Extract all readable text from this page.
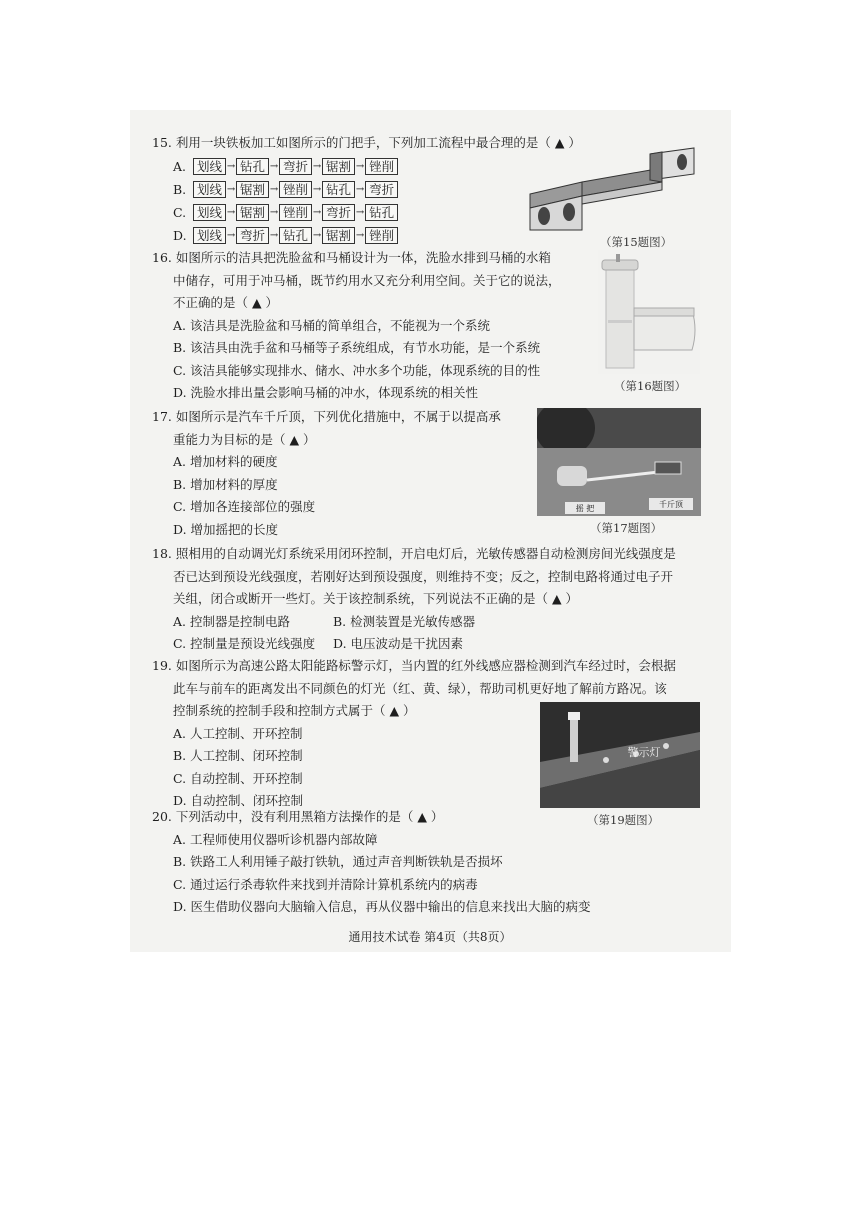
15. 利用一块铁板加工如图所示的门把手，下列加工流程中最合理的是（ ▲ ）
A. 划线 → 钻孔 → 弯折 → 锯割 → 锉削
B. 划线 → 锯割 → 锉削 → 钻孔 → 弯折
C. 划线 → 锯割 → 锉削 → 弯折 → 钻孔
D. 划线 → 弯折 → 钻孔 → 锯割 → 锉削	（第15题图）

16. 如图所示的洁具把洗脸盆和马桶设计为一体，洗脸水排到马桶的水箱

中储存，可用于冲马桶，既节约用水又充分利用空间。关于它的说法，

不正确的是（ ▲ ）

A. 该洁具是洗脸盆和马桶的简单组合，不能视为一个系统

B. 该洁具由洗手盆和马桶等子系统组成，有节水功能，是一个系统

C. 该洁具能够实现排水、储水、冲水多个功能，体现系统的目的性

D. 洗脸水排出量会影响马桶的冲水，体现系统的相关性	（第16题图）

17. 如图所示是汽车千斤顶，下列优化措施中，不属于以提高承

重能力为目标的是（ ▲ ）

A. 增加材料的硬度

B. 增加材料的厚度

C. 增加各连接部位的强度

D. 增加摇把的长度

摇 把	千斤顶
（第17题图）

18. 照相用的自动调光灯系统采用闭环控制，开启电灯后，光敏传感器自动检测房间光线强度是

否已达到预设光线强度，若刚好达到预设强度，则维持不变；反之，控制电路将通过电子开

关组，闭合或断开一些灯。关于该控制系统，下列说法不正确的是（ ▲ ）

A. 控制器是控制电路	B. 检测装置是光敏传感器

C. 控制量是预设光线强度	D. 电压波动是干扰因素

19. 如图所示为高速公路太阳能路标警示灯，当内置的红外线感应器检测到汽车经过时，会根据

此车与前车的距离发出不同颜色的灯光（红、黄、绿），帮助司机更好地了解前方路况。该

控制系统的控制手段和控制方式属于（ ▲ ）

A. 人工控制、开环控制

B. 人工控制、闭环控制

C. 自动控制、开环控制

D. 自动控制、闭环控制

警示灯
（第19题图）

20. 下列活动中，没有利用黑箱方法操作的是（ ▲ ）

A. 工程师使用仪器听诊机器内部故障

B. 铁路工人利用锤子敲打铁轨，通过声音判断铁轨是否损坏

C. 通过运行杀毒软件来找到并清除计算机系统内的病毒

D. 医生借助仪器向大脑输入信息，再从仪器中输出的信息来找出大脑的病变

通用技术试卷 第4页（共8页）
